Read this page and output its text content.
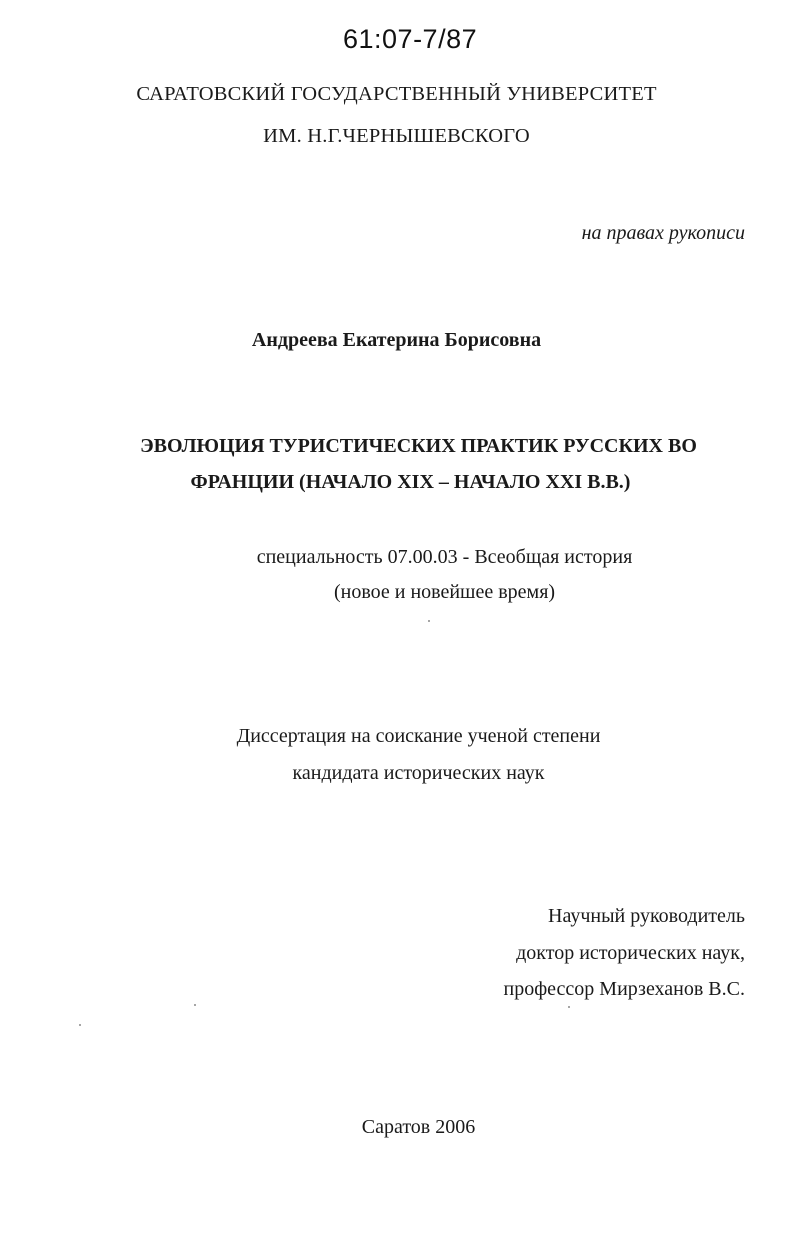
61:07-7/87
САРАТОВСКИЙ ГОСУДАРСТВЕННЫЙ УНИВЕРСИТЕТ
ИМ. Н.Г.ЧЕРНЫШЕВСКОГО
на правах рукописи
Андреева Екатерина Борисовна
ЭВОЛЮЦИЯ ТУРИСТИЧЕСКИХ ПРАКТИК РУССКИХ ВО
ФРАНЦИИ (НАЧАЛО XIX – НАЧАЛО XXI В.В.)
специальность 07.00.03 - Всеобщая история
(новое и новейшее время)
Диссертация на соискание ученой степени
кандидата исторических наук
Научный руководитель
доктор исторических наук,
профессор Мирзеханов В.С.
Саратов 2006
